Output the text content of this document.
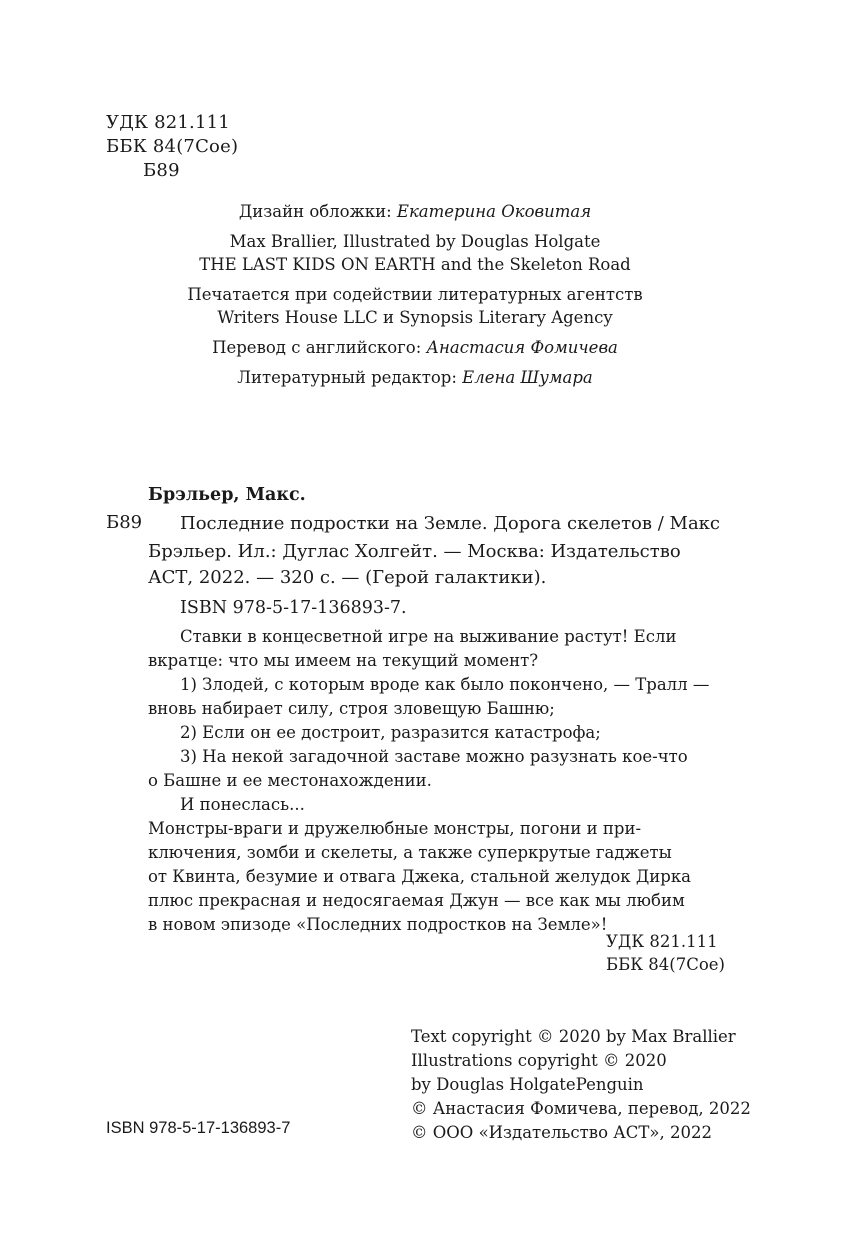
УДК 821.111
ББК 84(7Сое)
Б89
Дизайн обложки: Екатерина Оковитая
Max Brallier, Illustrated by Douglas Holgate
THE LAST KIDS ON EARTH and the Skeleton Road
Печатается при содействии литературных агентств
Writers House LLC и Synopsis Literary Agency
Перевод с английского: Анастасия Фомичева
Литературный редактор: Елена Шумара
Брэльер, Макс.
Б89 Последние подростки на Земле. Дорога скелетов / Макс
Брэльер. Ил.: Дуглас Холгейт. — Москва: Издательство
АСТ, 2022. — 320 с. — (Герой галактики).
ISBN 978-5-17-136893-7.
Ставки в концесветной игре на выживание растут! Если
вкратце: что мы имеем на текущий момент?
1) Злодей, с которым вроде как было покончено, — Тралл —
вновь набирает силу, строя зловещую Башню;
2) Если он ее достроит, разразится катастрофа;
3) На некой загадочной заставе можно разузнать кое-что
о Башне и ее местонахождении.
И понеслась...
Монстры-враги и дружелюбные монстры, погони и при-
ключения, зомби и скелеты, а также суперкрутые гаджеты
от Квинта, безумие и отвага Джека, стальной желудок Дирка
плюс прекрасная и недосягаемая Джун — все как мы любим
в новом эпизоде «Последних подростков на Земле»!
УДК 821.111
ББК 84(7Сое)
Text copyright © 2020 by Max Brallier
Illustrations copyright © 2020
by Douglas HolgatePenguin
© Анастасия Фомичева, перевод, 2022
© ООО «Издательство АСТ», 2022
ISBN 978-5-17-136893-7
